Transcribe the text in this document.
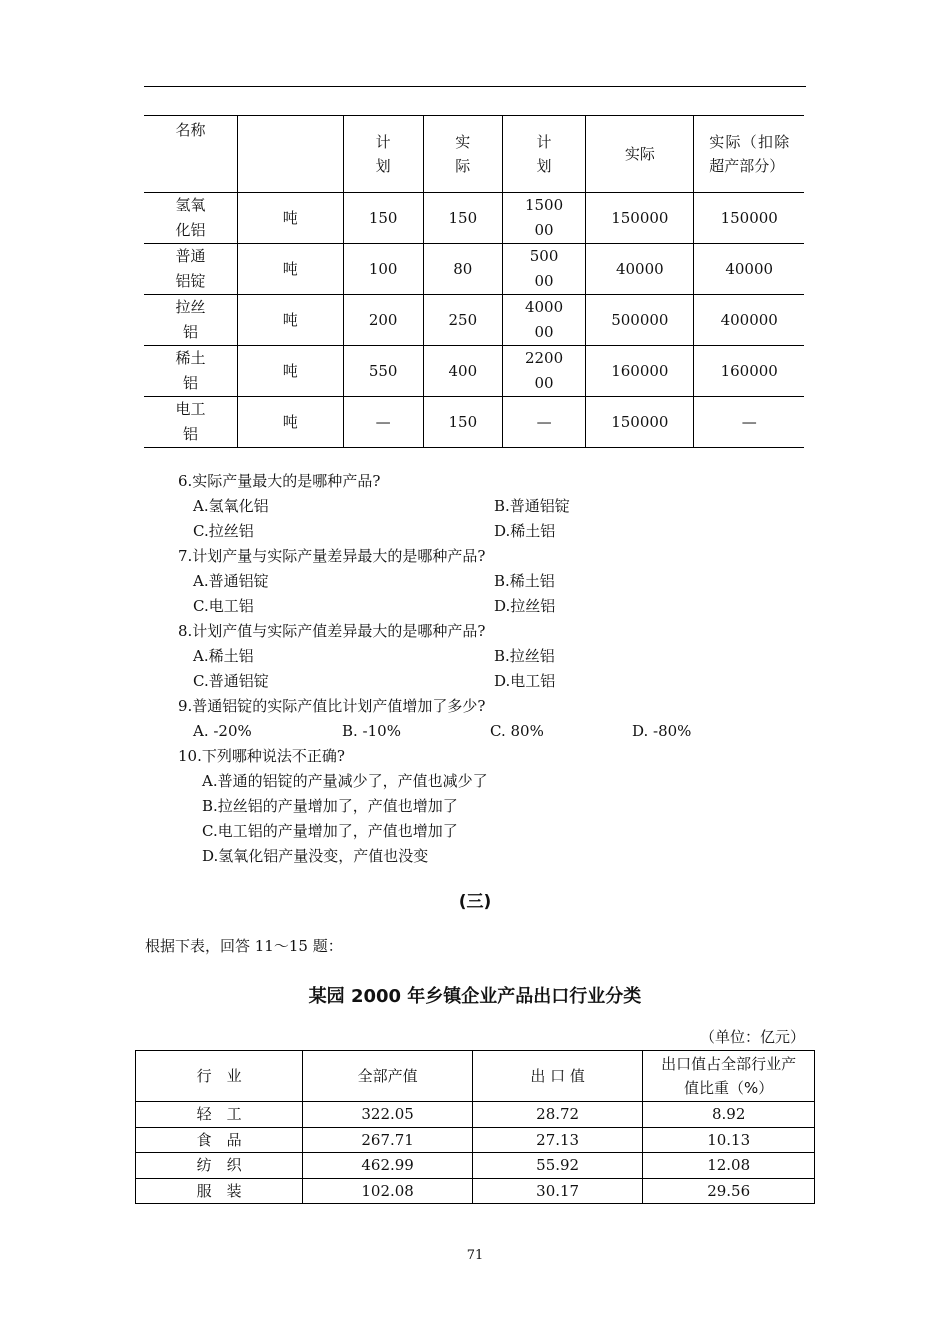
名称		计划	实际	计划	实际	实际（扣除超产部分）
氢氧化铝	吨	150	150	150000	150000	150000
普通铝锭	吨	100	80	50000	40000	40000
拉丝铝	吨	200	250	400000	500000	400000
稀土铝	吨	550	400	220000	160000	160000
电工铝	吨	—	150	—	150000	—
6.实际产量最大的是哪种产品?
A.氢氧化铝	B.普通铝锭
C.拉丝铝	D.稀土铝
7.计划产量与实际产量差异最大的是哪种产品?
A.普通铝锭	B.稀土铝
C.电工铝	D.拉丝铝
8.计划产值与实际产值差异最大的是哪种产品?
A.稀土铝	B.拉丝铝
C.普通铝锭	D.电工铝
9.普通铝锭的实际产值比计划产值增加了多少?
A. -20%	B. -10%	C. 80%	D. -80%
10.下列哪种说法不正确?
A.普通的铝锭的产量减少了，产值也减少了
B.拉丝铝的产量增加了，产值也增加了
C.电工铝的产量增加了，产值也增加了
D.氢氧化铝产量没变，产值也没变
(三)
根据下表，回答 11～15 题：
某园 2000 年乡镇企业产品出口行业分类
（单位：亿元）
行　业	全部产值	出 口 值	出口值占全部行业产值比重（%）
轻　工	322.05	28.72	8.92
食　品	267.71	27.13	10.13
纺　织	462.99	55.92	12.08
服　装	102.08	30.17	29.56
71
